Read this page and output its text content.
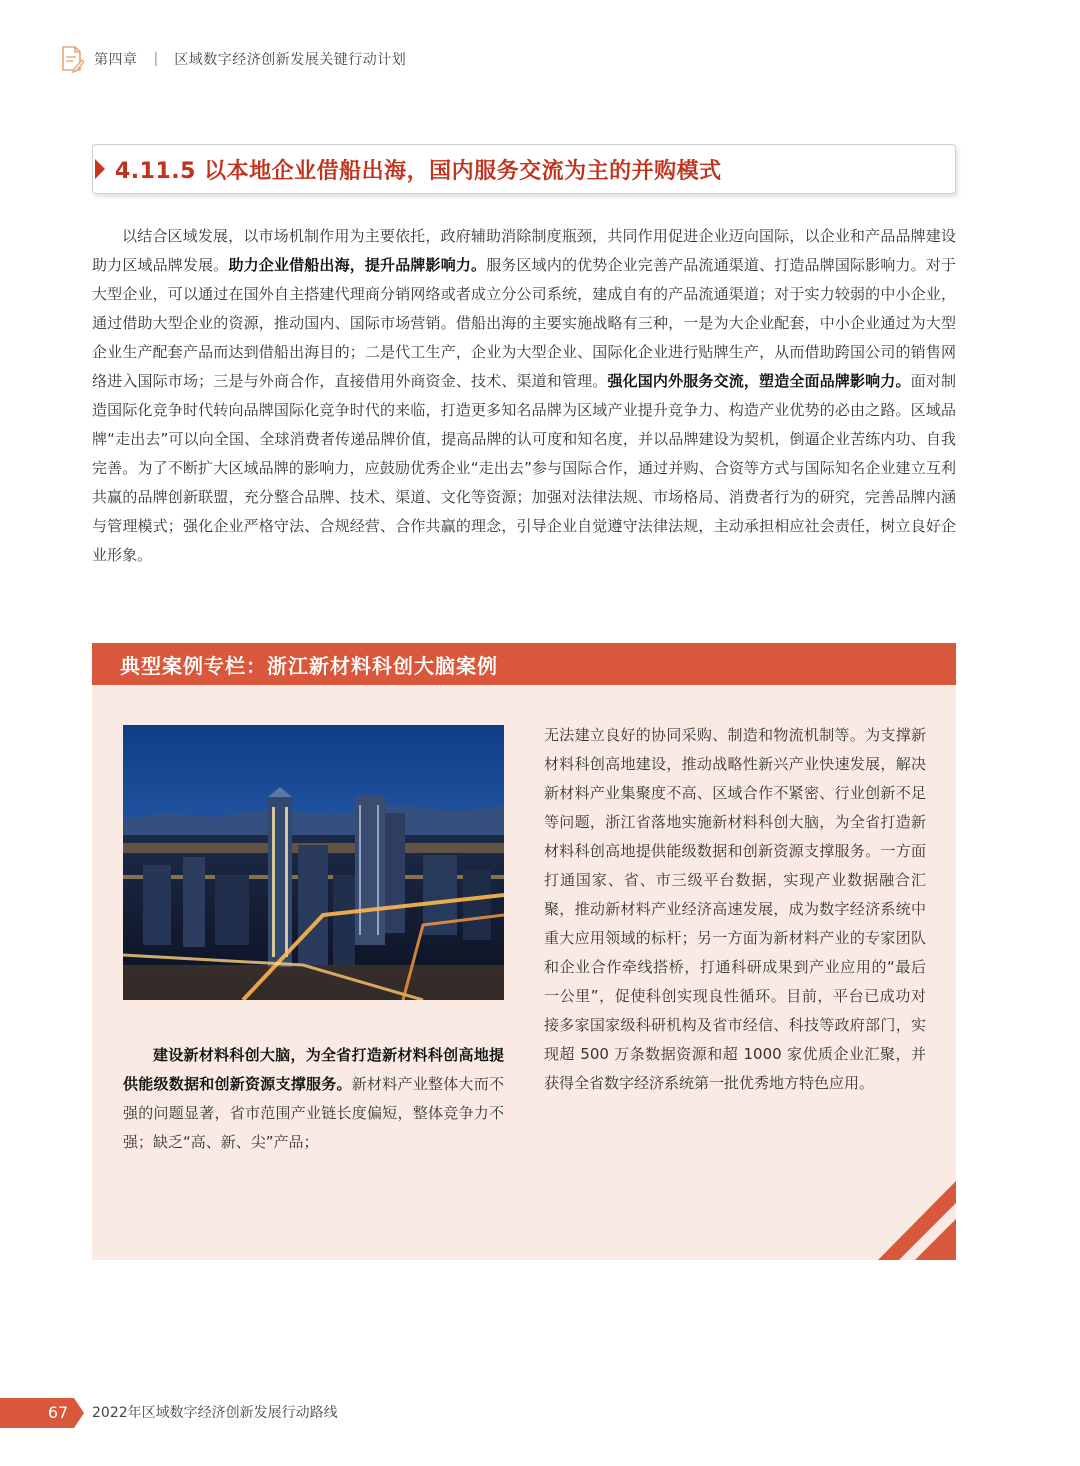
第四章 | 区域数字经济创新发展关键行动计划
4.11.5 以本地企业借船出海，国内服务交流为主的并购模式

以结合区域发展，以市场机制作用为主要依托，政府辅助消除制度瓶颈，共同作用促进企业迈向国际，以企业和产品品牌建设助力区域品牌发展。助力企业借船出海，提升品牌影响力。服务区域内的优势企业完善产品流通渠道、打造品牌国际影响力。对于大型企业，可以通过在国外自主搭建代理商分销网络或者成立分公司系统，建成自有的产品流通渠道；对于实力较弱的中小企业，通过借助大型企业的资源，推动国内、国际市场营销。借船出海的主要实施战略有三种，一是为大企业配套，中小企业通过为大型企业生产配套产品而达到借船出海目的；二是代工生产，企业为大型企业、国际化企业进行贴牌生产，从而借助跨国公司的销售网络进入国际市场；三是与外商合作，直接借用外商资金、技术、渠道和管理。强化国内外服务交流，塑造全面品牌影响力。面对制造国际化竞争时代转向品牌国际化竞争时代的来临，打造更多知名品牌为区域产业提升竞争力、构造产业优势的必由之路。区域品牌“走出去”可以向全国、全球消费者传递品牌价值，提高品牌的认可度和知名度，并以品牌建设为契机，倒逼企业苦练内功、自我完善。为了不断扩大区域品牌的影响力，应鼓励优秀企业“走出去”参与国际合作，通过并购、合资等方式与国际知名企业建立互利共赢的品牌创新联盟，充分整合品牌、技术、渠道、文化等资源；加强对法律法规、市场格局、消费者行为的研究，完善品牌内涵与管理模式；强化企业严格守法、合规经营、合作共赢的理念，引导企业自觉遵守法律法规，主动承担相应社会责任，树立良好企业形象。

典型案例专栏：浙江新材料科创大脑案例

建设新材料科创大脑，为全省打造新材料科创高地提供能级数据和创新资源支撑服务。新材料产业整体大而不强的问题显著，省市范围产业链长度偏短，整体竞争力不强；缺乏“高、新、尖”产品；

无法建立良好的协同采购、制造和物流机制等。为支撑新材料科创高地建设，推动战略性新兴产业快速发展，解决新材料产业集聚度不高、区域合作不紧密、行业创新不足等问题，浙江省落地实施新材料科创大脑，为全省打造新材料科创高地提供能级数据和创新资源支撑服务。一方面打通国家、省、市三级平台数据，实现产业数据融合汇聚，推动新材料产业经济高速发展，成为数字经济系统中重大应用领域的标杆；另一方面为新材料产业的专家团队和企业合作牵线搭桥，打通科研成果到产业应用的“最后一公里”，促使科创实现良性循环。目前，平台已成功对接多家国家级科研机构及省市经信、科技等政府部门，实现超 500 万条数据资源和超 1000 家优质企业汇聚，并获得全省数字经济系统第一批优秀地方特色应用。

67	2022年区域数字经济创新发展行动路线
